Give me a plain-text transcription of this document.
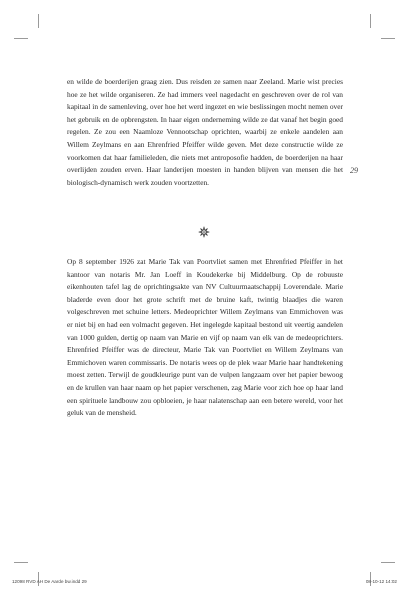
en wilde de boerderijen graag zien. Dus reisden ze samen naar Zeeland. Marie wist precies hoe ze het wilde organiseren. Ze had immers veel nagedacht en geschreven over de rol van kapitaal in de samenleving, over hoe het werd ingezet en wie beslissingen mocht nemen over het gebruik en de opbrengsten. In haar eigen onderneming wilde ze dat vanaf het begin goed regelen. Ze zou een Naamloze Vennootschap oprichten, waarbij ze enkele aandelen aan Willem Zeylmans en aan Ehrenfried Pfeiffer wilde geven. Met deze constructie wilde ze voorkomen dat haar familieleden, die niets met antroposofie hadden, de boerderijen na haar overlijden zouden erven. Haar landerijen moesten in handen blijven van mensen die het biologisch-dynamisch werk zouden voortzetten.

Op 8 september 1926 zat Marie Tak van Poortvliet samen met Ehrenfried Pfeiffer in het kantoor van notaris Mr. Jan Loeff in Koudekerke bij Middelburg. Op de robuuste eikenhouten tafel lag de oprichtingsakte van NV Cultuurmaatschappij Loverendale. Marie bladerde even door het grote schrift met de bruine kaft, twintig blaadjes die waren volgeschreven met schuine letters. Medeoprichter Willem Zeylmans van Emmichoven was er niet bij en had een volmacht gegeven. Het ingelegde kapitaal bestond uit veertig aandelen van 1000 gulden, dertig op naam van Marie en vijf op naam van elk van de medeoprichters. Ehrenfried Pfeiffer was de directeur, Marie Tak van Poortvliet en Willem Zeylmans van Emmichoven waren commissaris. De notaris wees op de plek waar Marie haar handtekening moest zetten. Terwijl de goudkleurige punt van de vulpen langzaam over het papier bewoog en de krullen van haar naam op het papier verschenen, zag Marie voor zich hoe op haar land een spirituele landbouw zou opbloeien, je haar nalatenschap aan een betere wereld, voor het geluk van de mensheid.

29
12098 RVD AH De Aarde bw.indd 29	08-10-12 14:02
